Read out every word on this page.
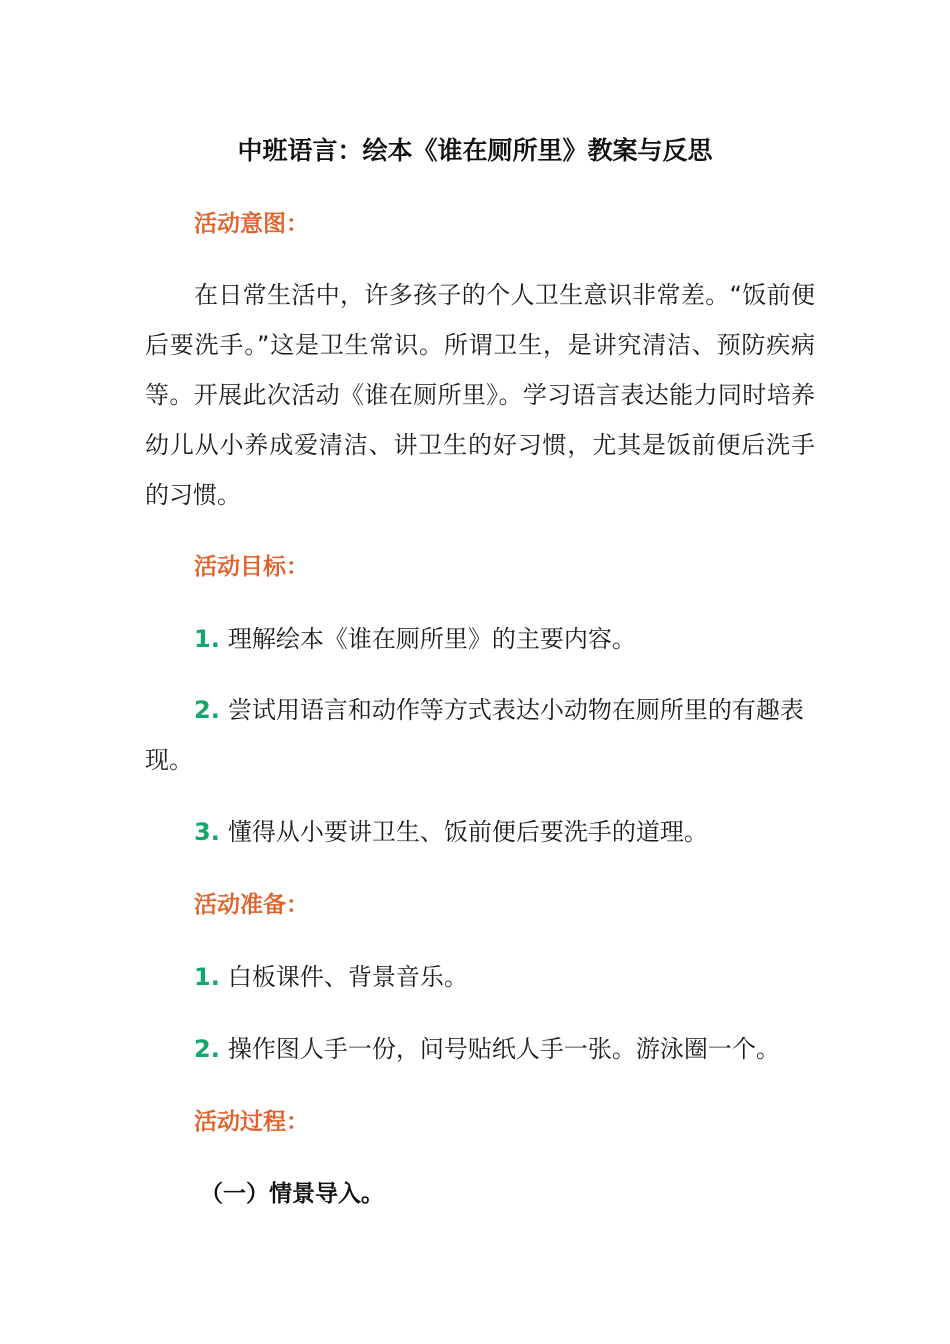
中班语言：绘本《谁在厕所里》教案与反思
活动意图：

在日常生活中，许多孩子的个人卫生意识非常差。“饭前便后要洗手。”这是卫生常识。所谓卫生，是讲究清洁、预防疾病等。开展此次活动《谁在厕所里》。学习语言表达能力同时培养幼儿从小养成爱清洁、讲卫生的好习惯，尤其是饭前便后洗手的习惯。

活动目标：

1. 理解绘本《谁在厕所里》的主要内容。

2. 尝试用语言和动作等方式表达小动物在厕所里的有趣表现。

3. 懂得从小要讲卫生、饭前便后要洗手的道理。

活动准备：

1. 白板课件、背景音乐。

2. 操作图人手一份，问号贴纸人手一张。游泳圈一个。

活动过程：
（一）情景导入。
